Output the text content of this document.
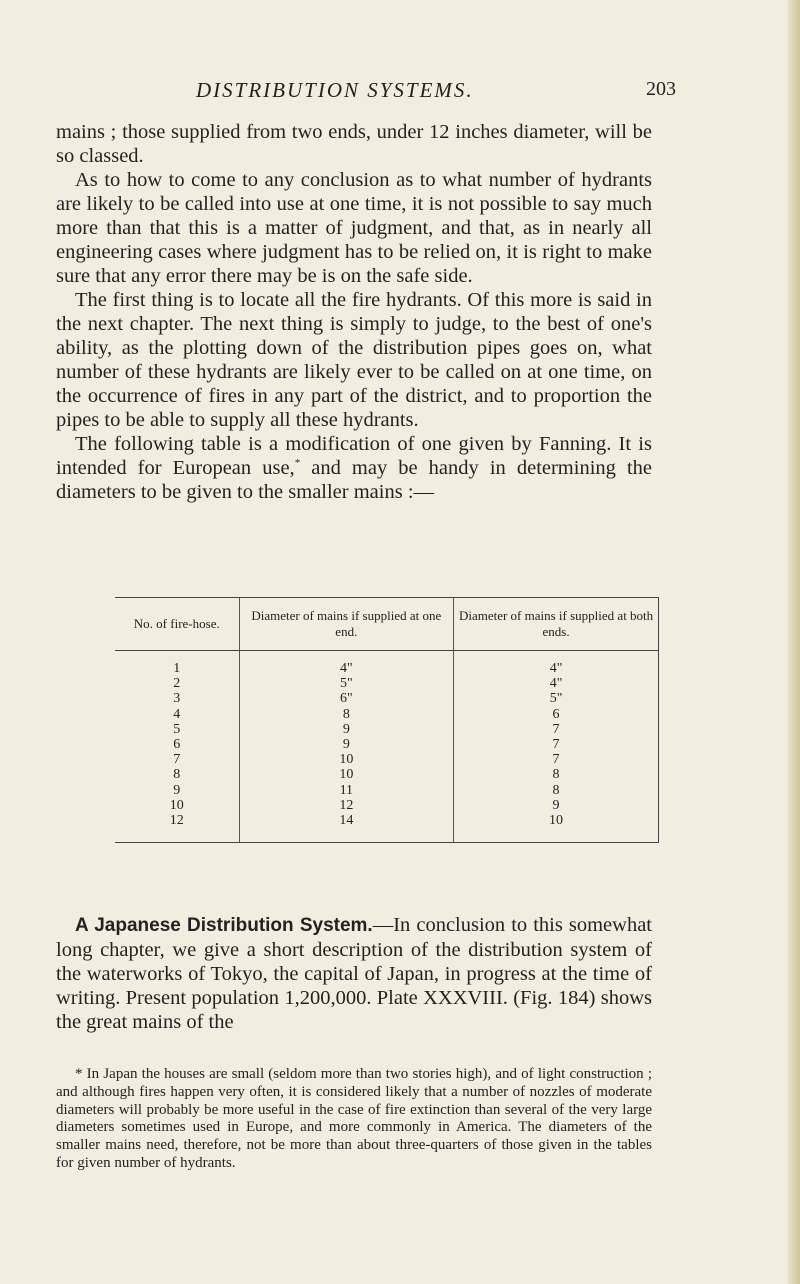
DISTRIBUTION SYSTEMS.	203

mains ; those supplied from two ends, under 12 inches diameter, will be so classed.

As to how to come to any conclusion as to what number of hydrants are likely to be called into use at one time, it is not possible to say much more than that this is a matter of judgment, and that, as in nearly all engineering cases where judgment has to be relied on, it is right to make sure that any error there may be is on the safe side.

The first thing is to locate all the fire hydrants. Of this more is said in the next chapter. The next thing is simply to judge, to the best of one's ability, as the plotting down of the distribution pipes goes on, what number of these hydrants are likely ever to be called on at one time, on the occurrence of fires in any part of the district, and to proportion the pipes to be able to supply all these hydrants.

The following table is a modification of one given by Fanning. It is intended for European use,* and may be handy in determining the diameters to be given to the smaller mains :—

No. of fire-hose.	Diameter of mains if supplied at one end.	Diameter of mains if supplied at both ends.
1	4"	4"
2	5"	4"
3	6"	5"
4	8	6
5	9	7
6	9	7
7	10	7
8	10	8
9	11	8
10	12	9
12	14	10

A Japanese Distribution System.—In conclusion to this somewhat long chapter, we give a short description of the distribution system of the waterworks of Tokyo, the capital of Japan, in progress at the time of writing. Present population 1,200,000. Plate XXXVIII. (Fig. 184) shows the great mains of the

* In Japan the houses are small (seldom more than two stories high), and of light construction ; and although fires happen very often, it is considered likely that a number of nozzles of moderate diameters will probably be more useful in the case of fire extinction than several of the very large diameters sometimes used in Europe, and more commonly in America. The diameters of the smaller mains need, therefore, not be more than about three-quarters of those given in the tables for given number of hydrants.
